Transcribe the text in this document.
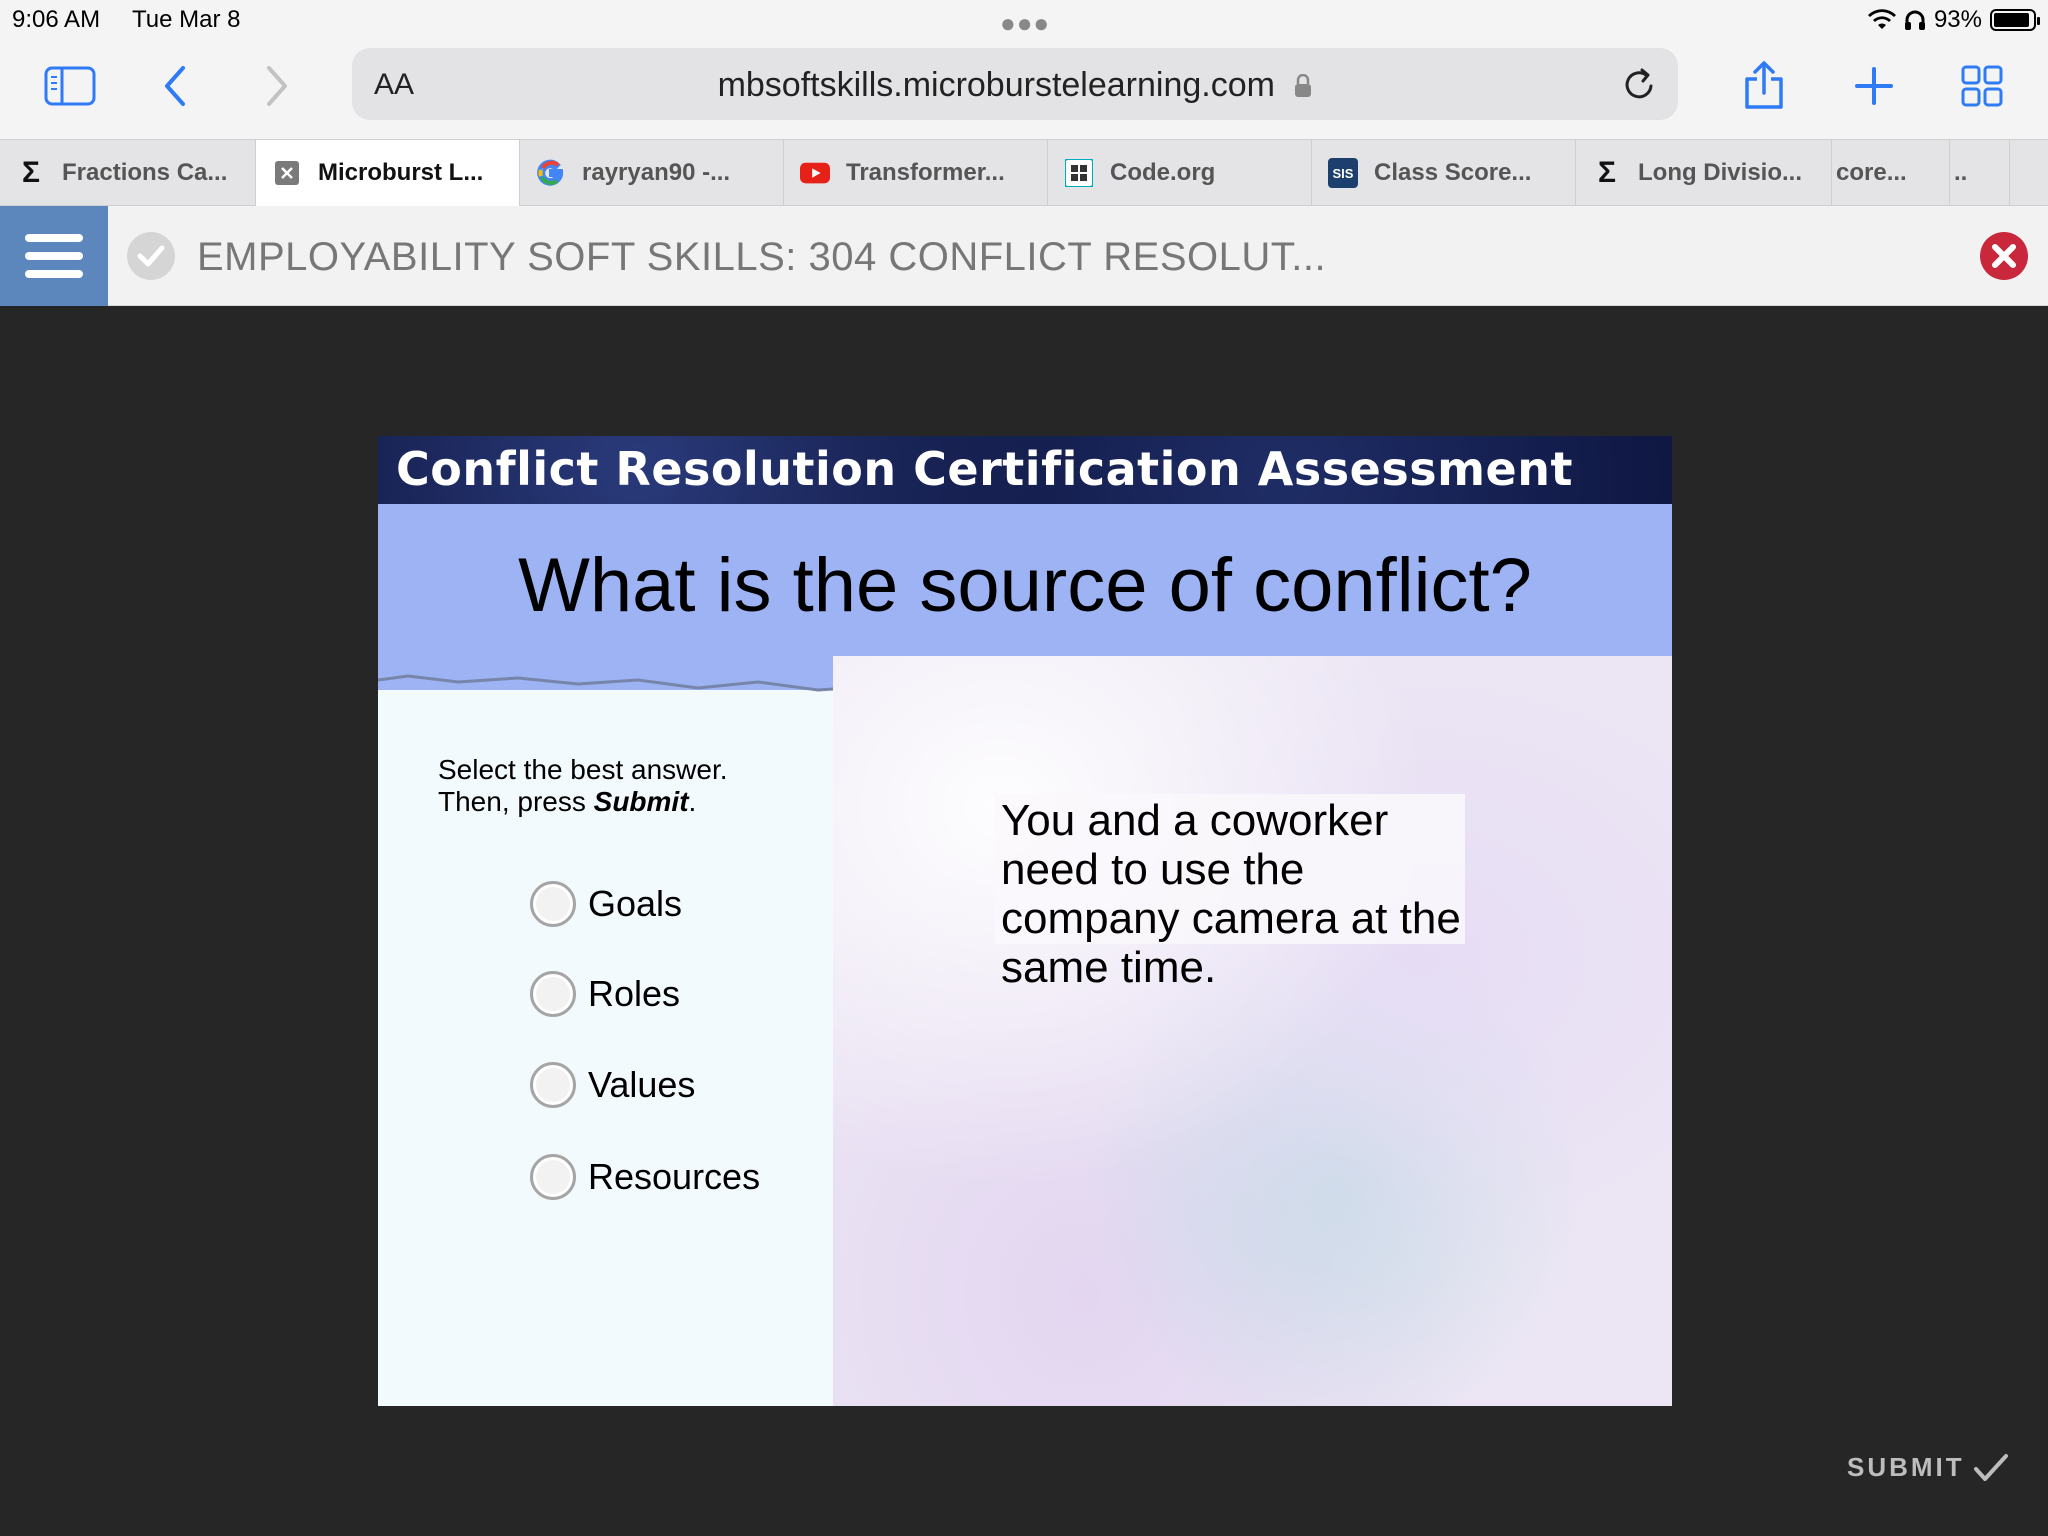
9:06 AM Tue Mar 8	●●●	93%
AA	mbsoftskills.microburstelearning.com
Σ Fractions Ca...	Microburst L...	rayryan90 -...	Transformer...	Code.org	SIS Class Score... Σ Long Divisio... core... ..
EMPLOYABILITY SOFT SKILLS: 304 CONFLICT RESOLUT...
Conflict Resolution Certification Assessment
What is the source of conflict?
You and a coworker need to use the company camera at the same time.
Select the best answer.
Then, press Submit.
Goals
Roles
Values
Resources
SUBMIT
